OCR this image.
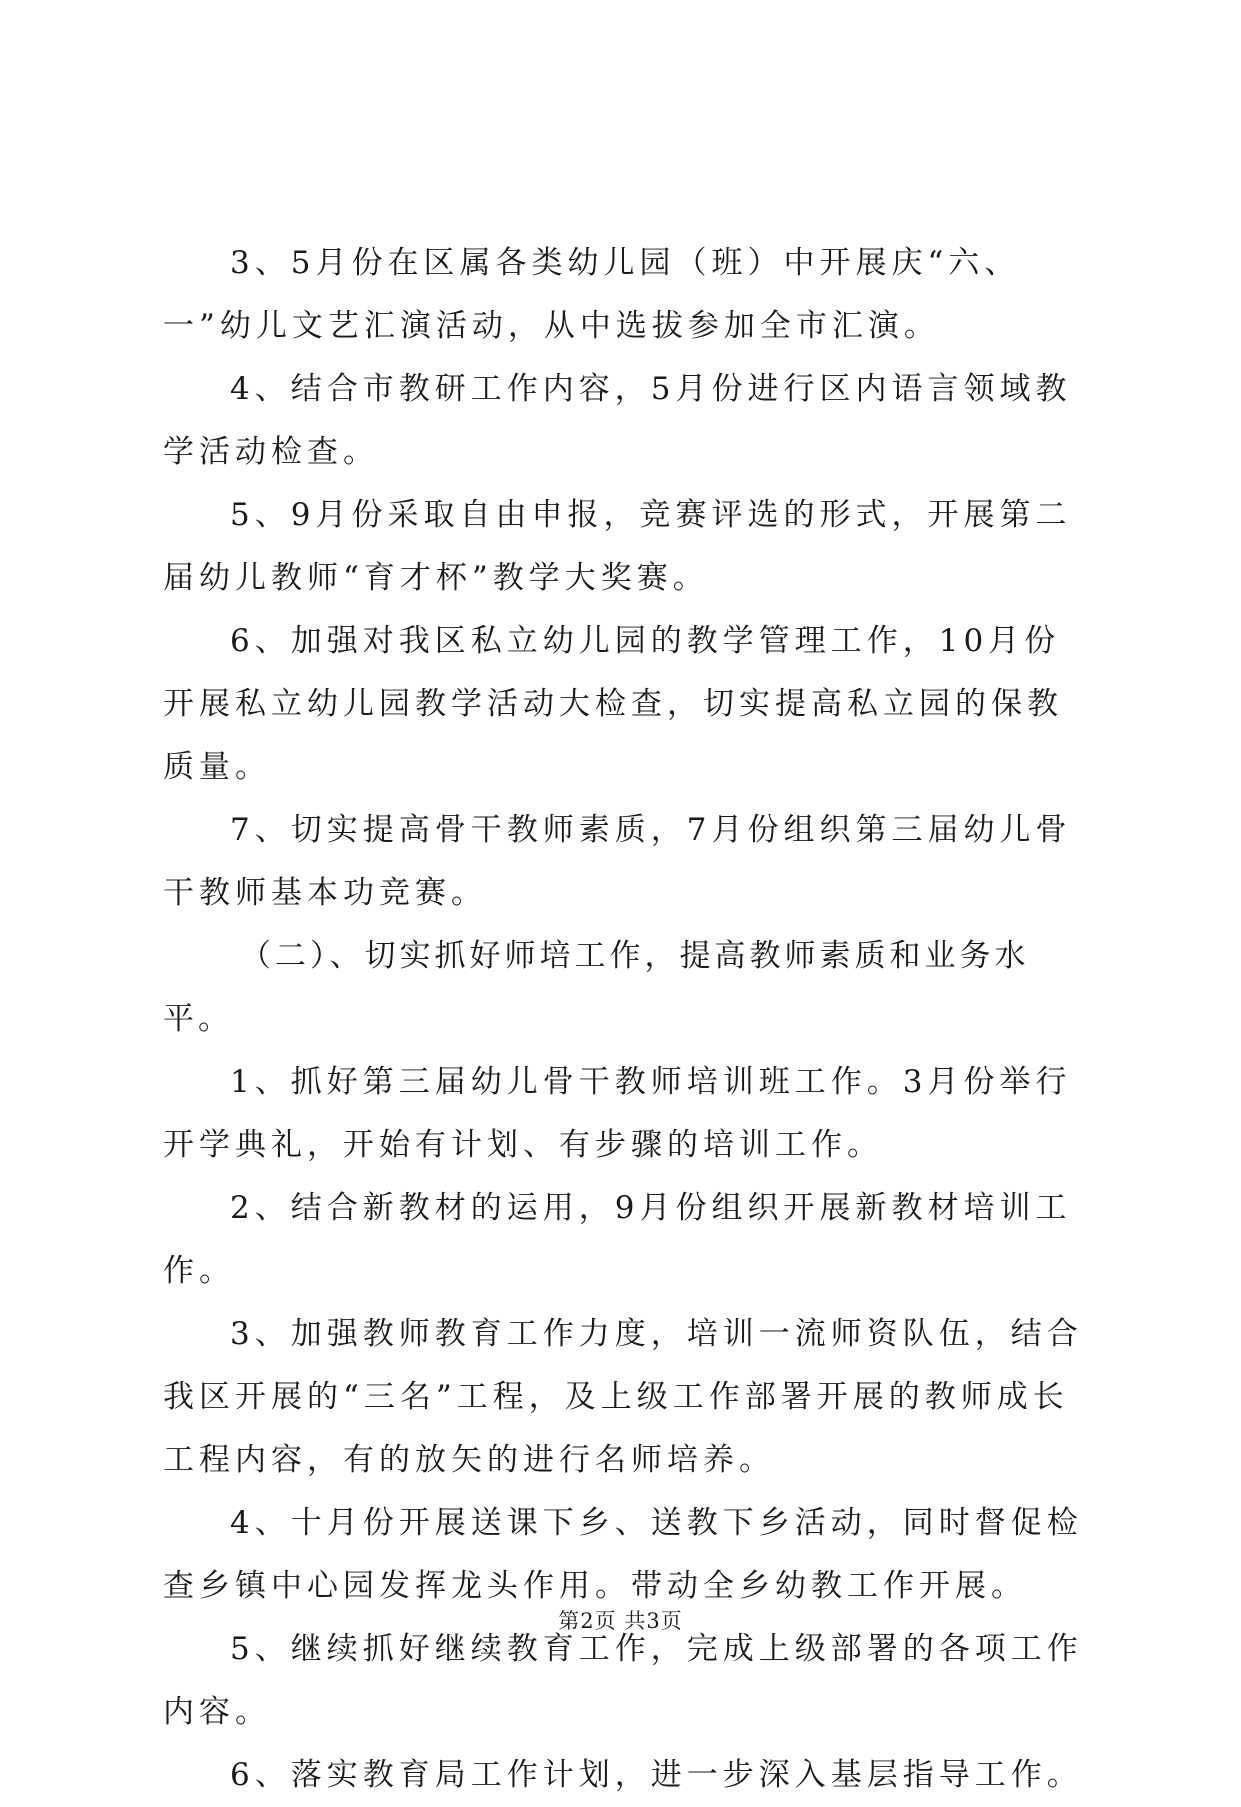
3、5月份在区属各类幼儿园（班）中开展庆“六、一”幼儿文艺汇演活动，从中选拔参加全市汇演。

4、结合市教研工作内容，5月份进行区内语言领域教学活动检查。

5、9月份采取自由申报，竞赛评选的形式，开展第二届幼儿教师“育才杯”教学大奖赛。

6、加强对我区私立幼儿园的教学管理工作，10月份开展私立幼儿园教学活动大检查，切实提高私立园的保教质量。

7、切实提高骨干教师素质，7月份组织第三届幼儿骨干教师基本功竞赛。

（二）、切实抓好师培工作，提高教师素质和业务水平。

1、抓好第三届幼儿骨干教师培训班工作。3月份举行开学典礼，开始有计划、有步骤的培训工作。

2、结合新教材的运用，9月份组织开展新教材培训工作。

3、加强教师教育工作力度，培训一流师资队伍，结合我区开展的“三名”工程，及上级工作部署开展的教师成长工程内容，有的放矢的进行名师培养。

4、十月份开展送课下乡、送教下乡活动，同时督促检查乡镇中心园发挥龙头作用。带动全乡幼教工作开展。

5、继续抓好继续教育工作，完成上级部署的各项工作内容。

6、落实教育局工作计划，进一步深入基层指导工作。

第2页 共3页
